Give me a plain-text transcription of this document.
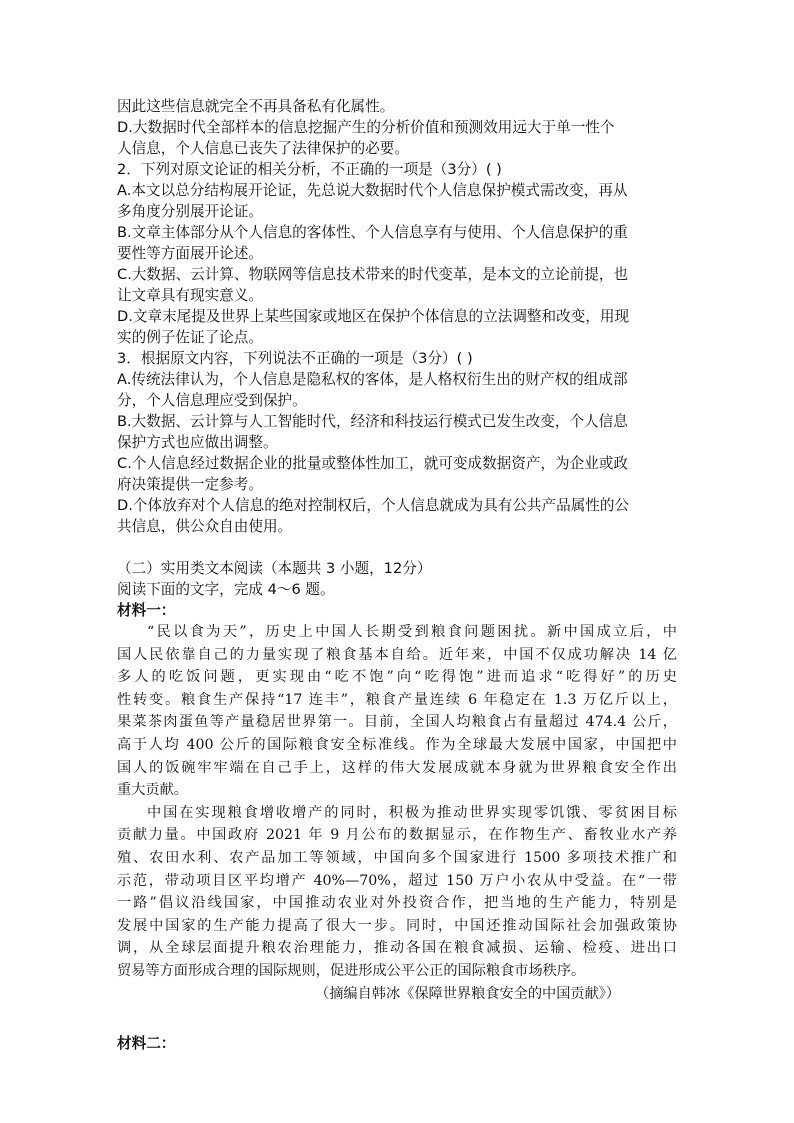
因此这些信息就完全不再具备私有化属性。

D.大数据时代全部样本的信息挖掘产生的分析价值和预测效用远大于单一性个

人信息，个人信息已丧失了法律保护的必要。

2．下列对原文论证的相关分析，不正确的一项是（3分）( )

A.本文以总分结构展开论证，先总说大数据时代个人信息保护模式需改变，再从

多角度分别展开论证。

B.文章主体部分从个人信息的客体性、个人信息享有与使用、个人信息保护的重

要性等方面展开论述。

C.大数据、云计算、物联网等信息技术带来的时代变革，是本文的立论前提，也

让文章具有现实意义。

D.文章末尾提及世界上某些国家或地区在保护个体信息的立法调整和改变，用现

实的例子佐证了论点。

3．根据原文内容，下列说法不正确的一项是（3分）( )

A.传统法律认为，个人信息是隐私权的客体，是人格权衍生出的财产权的组成部

分，个人信息理应受到保护。

B.大数据、云计算与人工智能时代，经济和科技运行模式已发生改变，个人信息

保护方式也应做出调整。

C.个人信息经过数据企业的批量或整体性加工，就可变成数据资产，为企业或政

府决策提供一定参考。

D.个体放弃对个人信息的绝对控制权后，个人信息就成为具有公共产品属性的公

共信息，供公众自由使用。

（二）实用类文本阅读（本题共 3 小题，12分）

阅读下面的文字，完成 4～6 题。

材料一：

“民以食为天”，历史上中国人长期受到粮食问题困扰。新中国成立后，中

国人民依靠自己的力量实现了粮食基本自给。近年来，中国不仅成功解决 14 亿

多人的吃饭问题，更实现由“吃不饱”向“吃得饱”进而追求“吃得好”的历史

性转变。粮食生产保持“17 连丰”，粮食产量连续 6 年稳定在 1.3 万亿斤以上，

果菜茶肉蛋鱼等产量稳居世界第一。目前，全国人均粮食占有量超过 474.4 公斤，

高于人均 400 公斤的国际粮食安全标准线。作为全球最大发展中国家，中国把中

国人的饭碗牢牢端在自己手上，这样的伟大发展成就本身就为世界粮食安全作出

重大贡献。

中国在实现粮食增收增产的同时，积极为推动世界实现零饥饿、零贫困目标

贡献力量。中国政府 2021 年 9 月公布的数据显示，在作物生产、畜牧业水产养

殖、农田水利、农产品加工等领域，中国向多个国家进行 1500 多项技术推广和

示范，带动项目区平均增产 40%—70%，超过 150 万户小农从中受益。在“一带

一路”倡议沿线国家，中国推动农业对外投资合作，把当地的生产能力，特别是

发展中国家的生产能力提高了很大一步。同时，中国还推动国际社会加强政策协

调，从全球层面提升粮农治理能力，推动各国在粮食减损、运输、检疫、进出口

贸易等方面形成合理的国际规则，促进形成公平公正的国际粮食市场秩序。

（摘编自韩冰《保障世界粮食安全的中国贡献》）

材料二：
